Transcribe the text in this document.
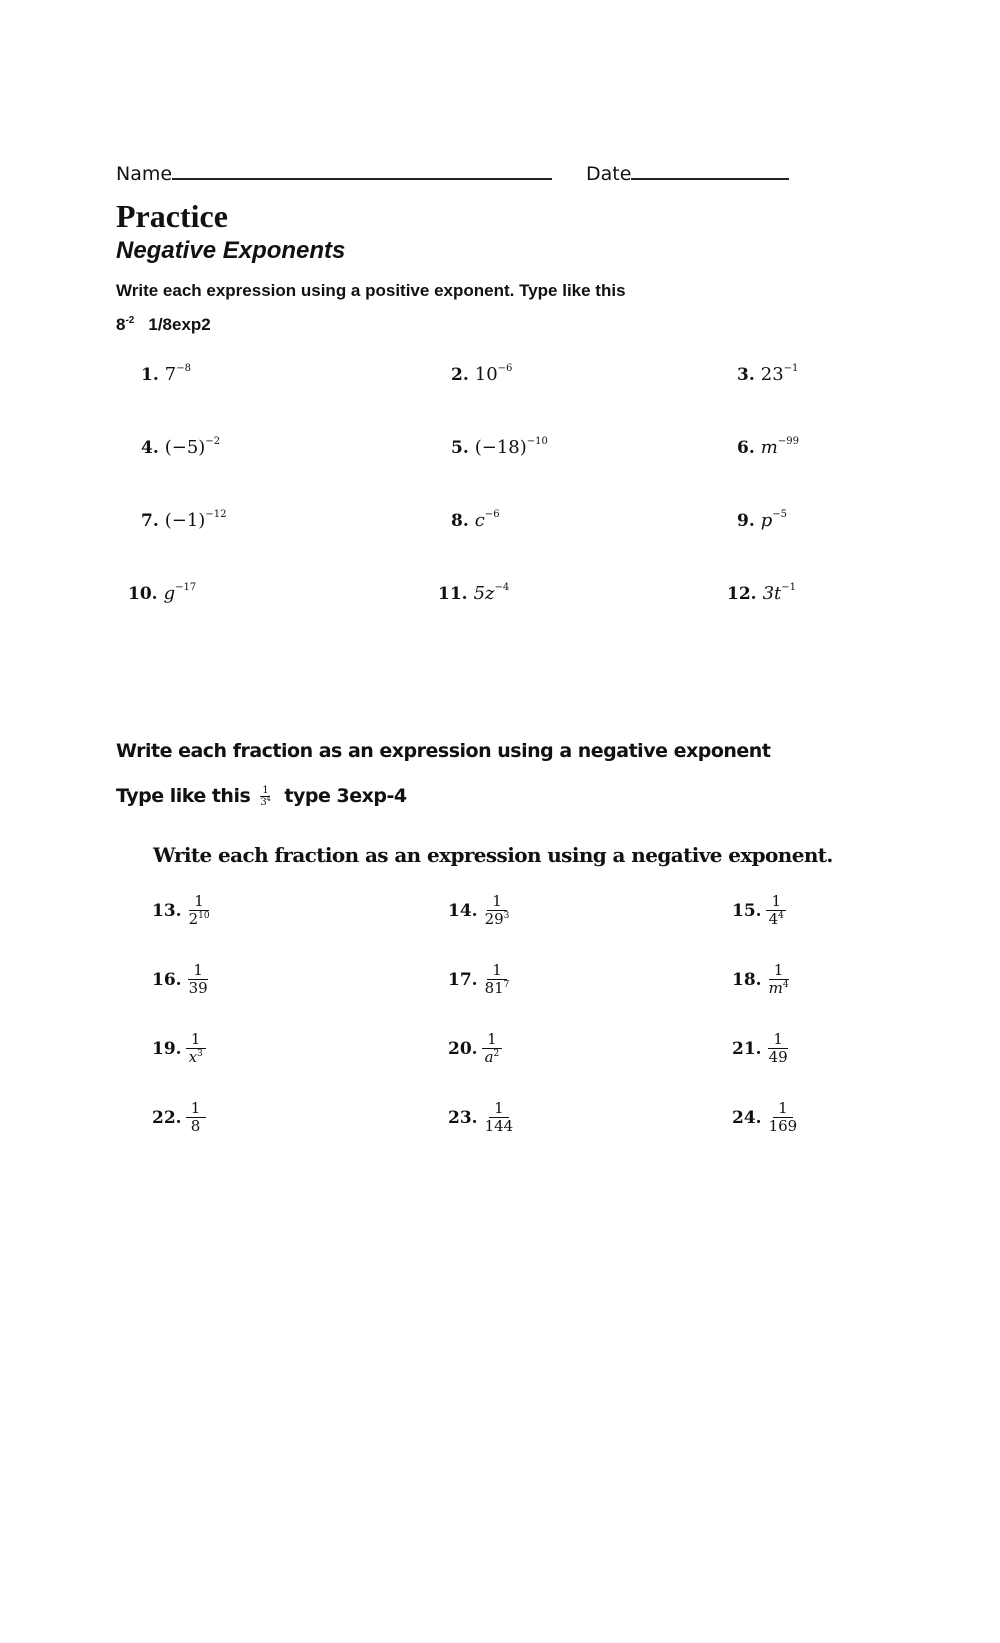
Name	Date
Practice
Negative Exponents
Write each expression using a positive exponent. Type like this
$8^{-2}$ 1/8exp2
1. $7^{-8}$	2. $10^{-6}$	3. $23^{-1}$
4. $(-5)^{-2}$	5. $(-18)^{-10}$	6. $m^{-99}$
7. $(-1)^{-12}$	8. $c^{-6}$	9. $p^{-5}$
10. $g^{-17}$	11. $5z^{-4}$	12. $3t^{-1}$
Write each fraction as an expression using a negative exponent
Type like this $\frac{1}{3^4}$ type 3exp-4
Write each fraction as an expression using a negative exponent.
13. $\frac{1}{2^{10}}$	14. $\frac{1}{29^3}$	15. $\frac{1}{4^4}$
16. $\frac{1}{39}$	17. $\frac{1}{81^7}$	18. $\frac{1}{m^4}$
19. $\frac{1}{x^3}$	20. $\frac{1}{a^2}$	21. $\frac{1}{49}$
22. $\frac{1}{8}$	23. $\frac{1}{144}$	24. $\frac{1}{169}$
